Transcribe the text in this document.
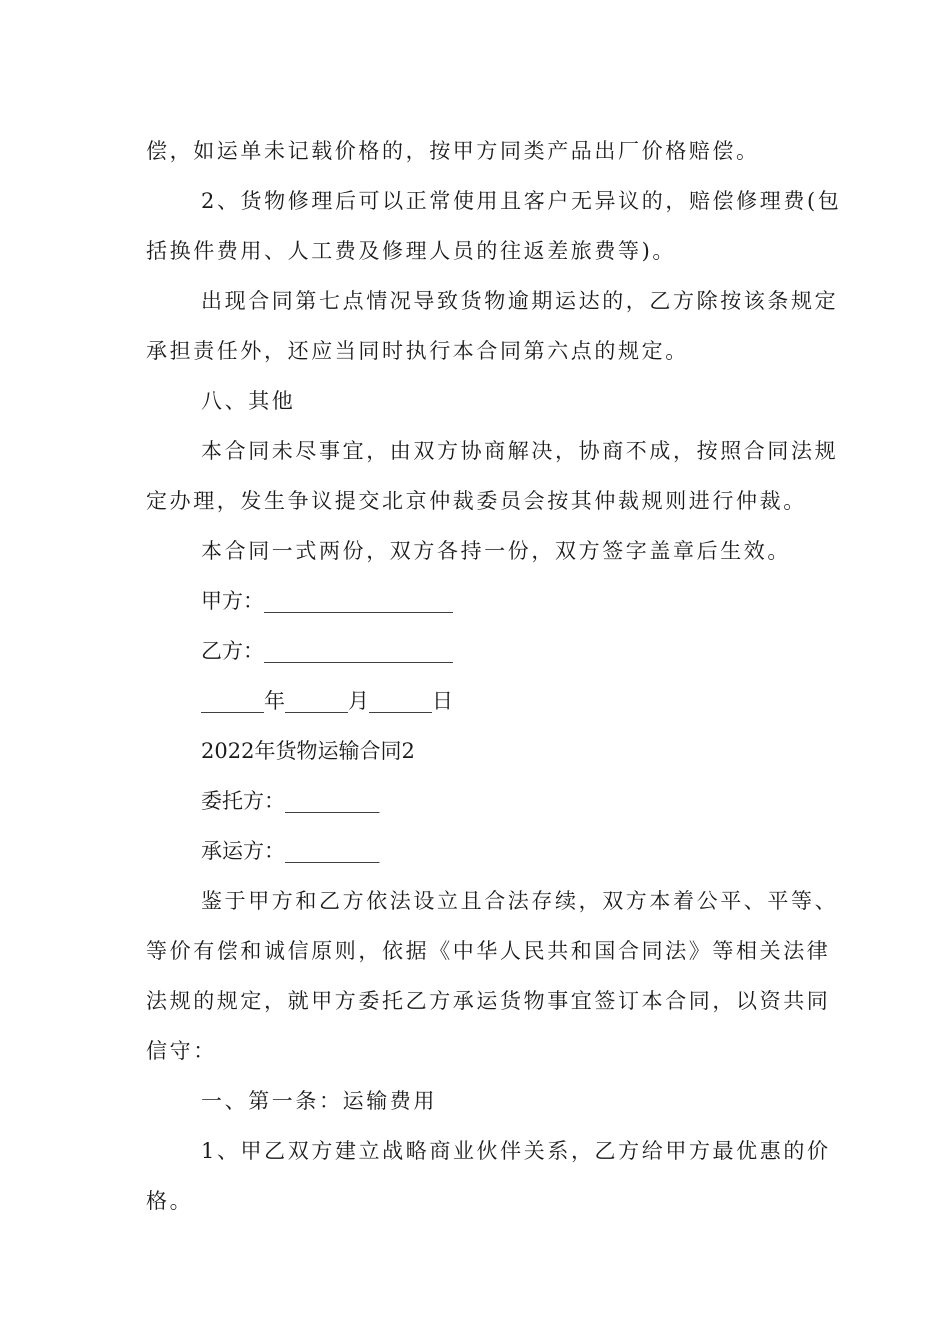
偿，如运单未记载价格的，按甲方同类产品出厂价格赔偿。
2、货物修理后可以正常使用且客户无异议的，赔偿修理费(包
括换件费用、人工费及修理人员的往返差旅费等)。
出现合同第七点情况导致货物逾期运达的，乙方除按该条规定
承担责任外，还应当同时执行本合同第六点的规定。
八、其他
本合同未尽事宜，由双方协商解决，协商不成，按照合同法规
定办理，发生争议提交北京仲裁委员会按其仲裁规则进行仲裁。
本合同一式两份，双方各持一份，双方签字盖章后生效。
甲方：__________________
乙方：__________________
______年______月______日
2022年货物运输合同2
委托方：_________
承运方：_________
鉴于甲方和乙方依法设立且合法存续，双方本着公平、平等、
等价有偿和诚信原则，依据《中华人民共和国合同法》等相关法律
法规的规定，就甲方委托乙方承运货物事宜签订本合同，以资共同
信守：
一、第一条：运输费用
1、甲乙双方建立战略商业伙伴关系，乙方给甲方最优惠的价
格。
